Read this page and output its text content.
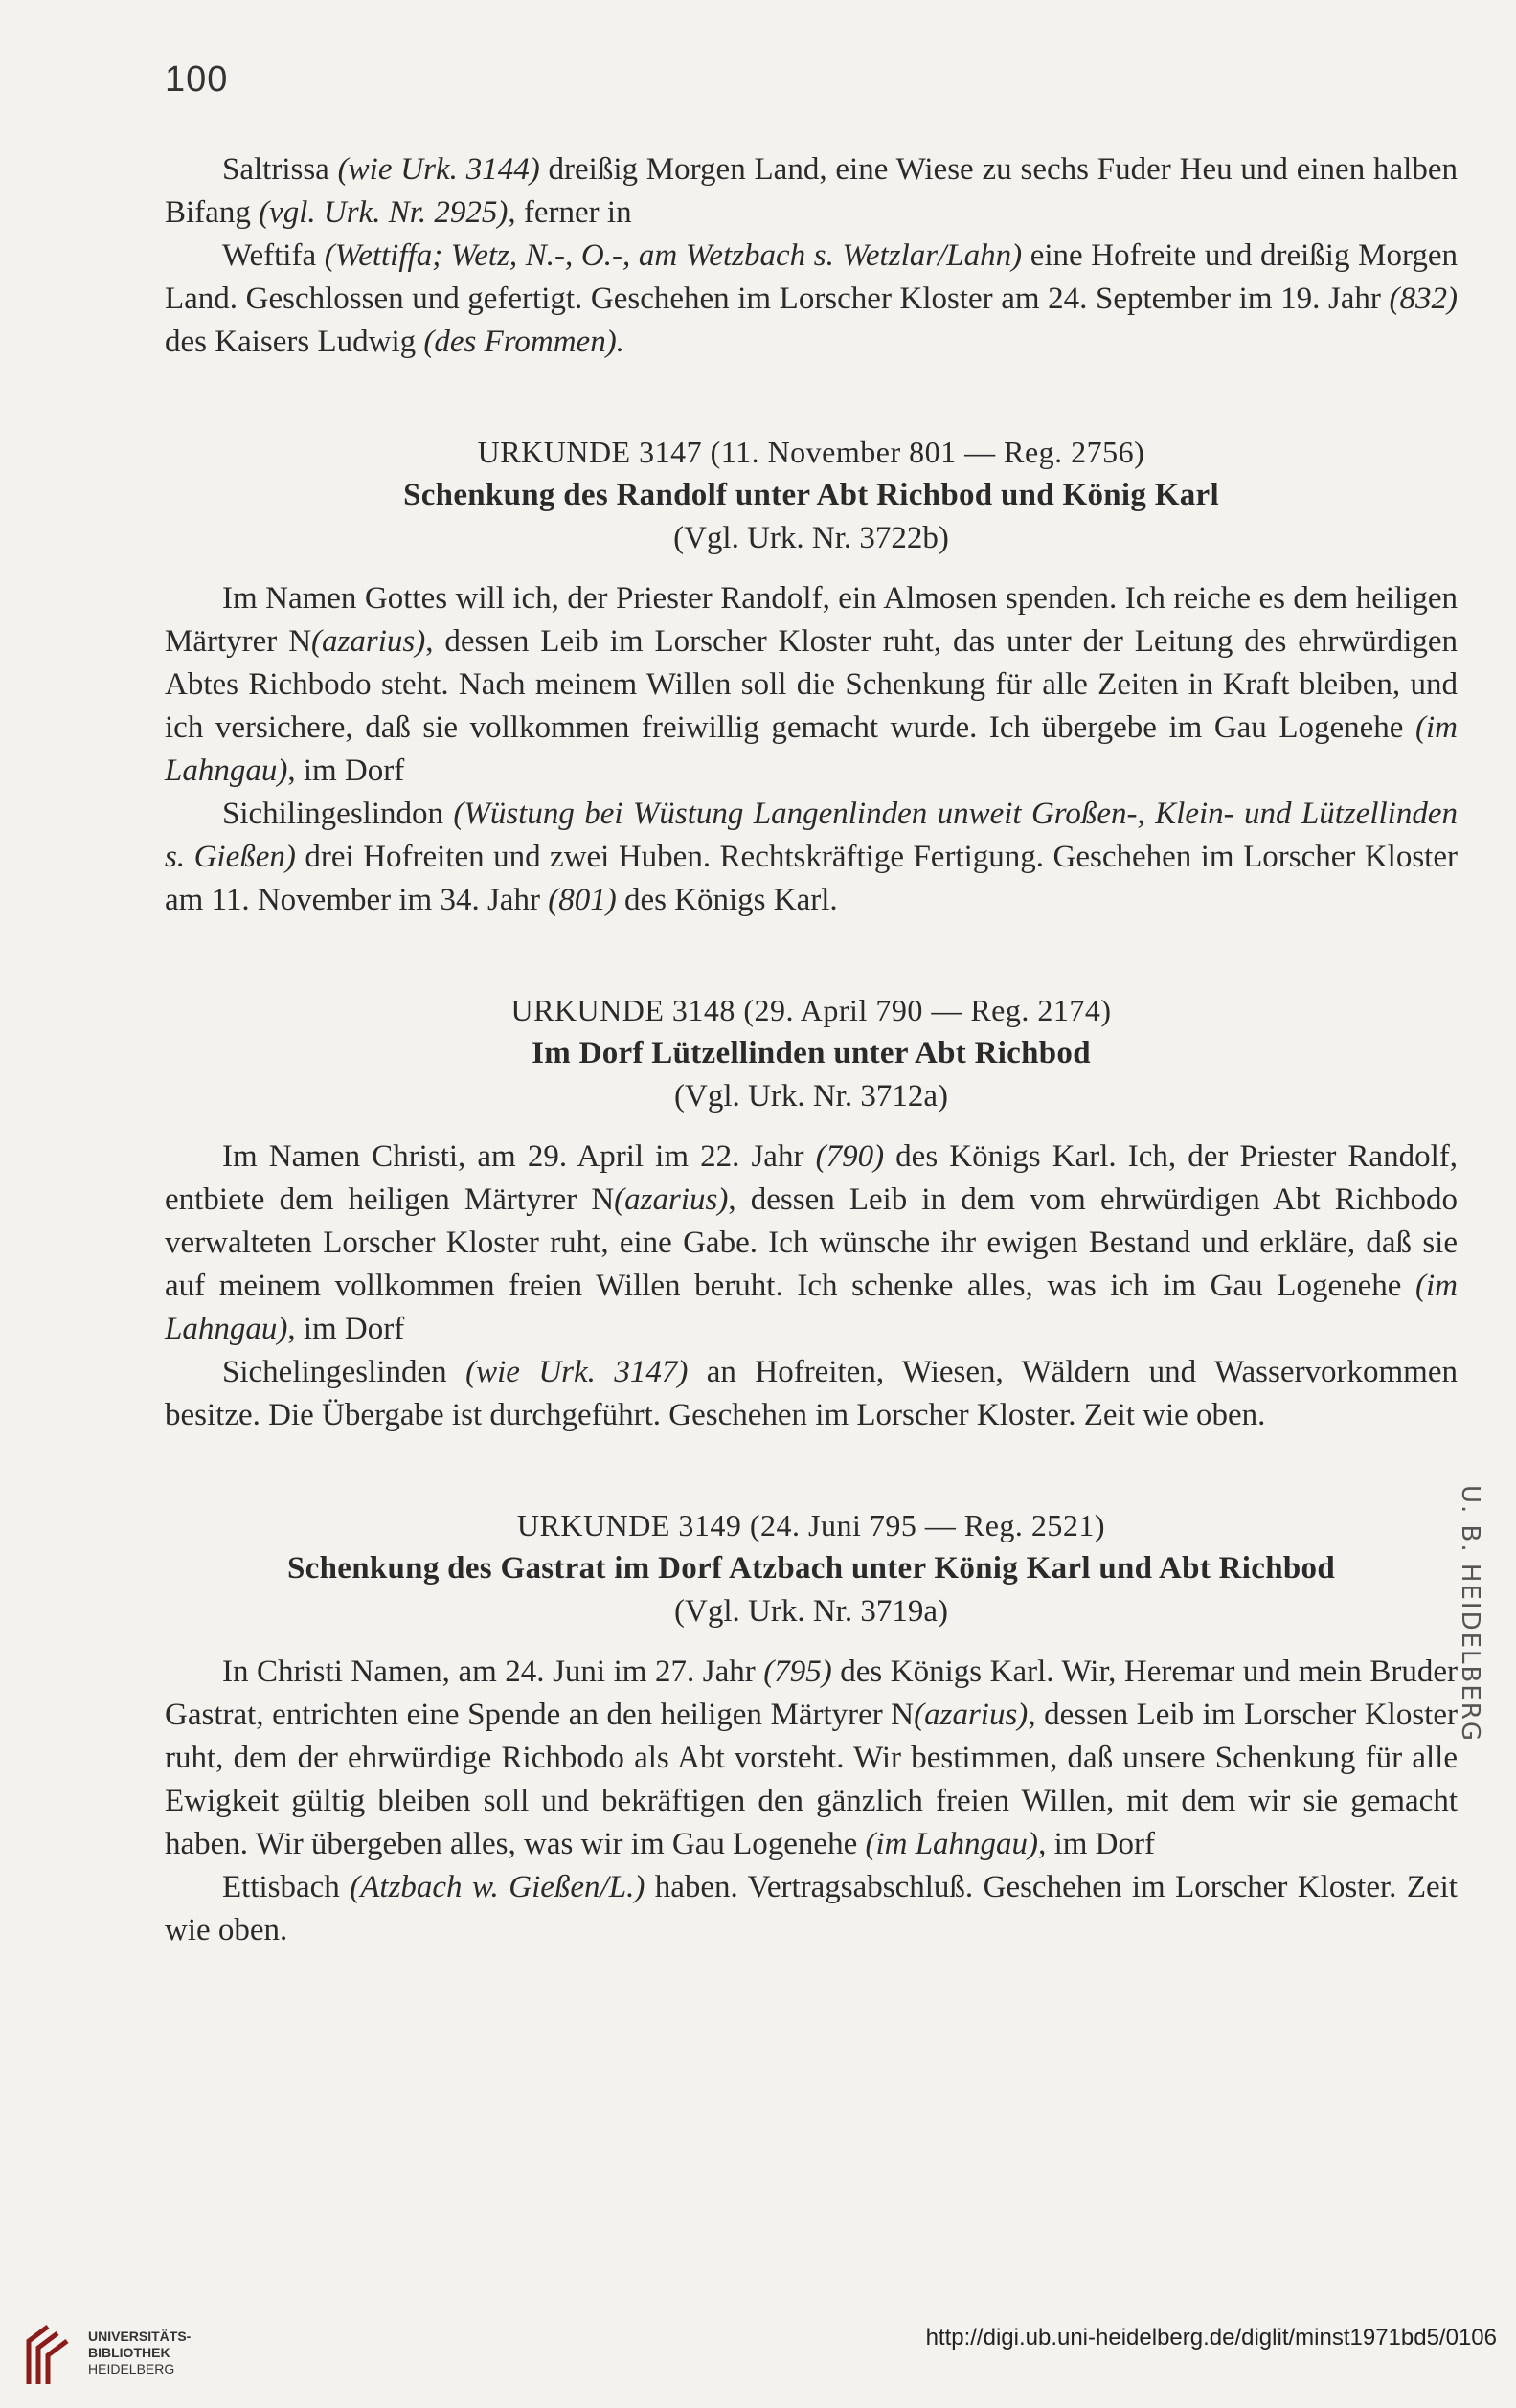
100

Saltrissa (wie Urk. 3144) dreißig Morgen Land, eine Wiese zu sechs Fuder Heu und einen halben Bifang (vgl. Urk. Nr. 2925), ferner in

Weftifa (Wettiffa; Wetz, N.-, O.-, am Wetzbach s. Wetzlar/Lahn) eine Hofreite und dreißig Morgen Land. Geschlossen und gefertigt. Geschehen im Lorscher Kloster am 24. September im 19. Jahr (832) des Kaisers Ludwig (des Frommen).

URKUNDE 3147 (11. November 801 — Reg. 2756)

Schenkung des Randolf unter Abt Richbod und König Karl

(Vgl. Urk. Nr. 3722b)

Im Namen Gottes will ich, der Priester Randolf, ein Almosen spenden. Ich reiche es dem heiligen Märtyrer N(azarius), dessen Leib im Lorscher Kloster ruht, das unter der Leitung des ehrwürdigen Abtes Richbodo steht. Nach meinem Willen soll die Schenkung für alle Zeiten in Kraft bleiben, und ich versichere, daß sie vollkommen freiwillig gemacht wurde. Ich übergebe im Gau Logenehe (im Lahngau), im Dorf

Sichilingeslindon (Wüstung bei Wüstung Langenlinden unweit Großen-, Klein- und Lützellinden s. Gießen) drei Hofreiten und zwei Huben. Rechtskräftige Fertigung. Geschehen im Lorscher Kloster am 11. November im 34. Jahr (801) des Königs Karl.

URKUNDE 3148 (29. April 790 — Reg. 2174)

Im Dorf Lützellinden unter Abt Richbod

(Vgl. Urk. Nr. 3712a)

Im Namen Christi, am 29. April im 22. Jahr (790) des Königs Karl. Ich, der Priester Randolf, entbiete dem heiligen Märtyrer N(azarius), dessen Leib in dem vom ehrwürdigen Abt Richbodo verwalteten Lorscher Kloster ruht, eine Gabe. Ich wünsche ihr ewigen Bestand und erkläre, daß sie auf meinem vollkommen freien Willen beruht. Ich schenke alles, was ich im Gau Logenehe (im Lahngau), im Dorf

Sichelingeslinden (wie Urk. 3147) an Hofreiten, Wiesen, Wäldern und Wasservorkommen besitze. Die Übergabe ist durchgeführt. Geschehen im Lorscher Kloster. Zeit wie oben.

URKUNDE 3149 (24. Juni 795 — Reg. 2521)

Schenkung des Gastrat im Dorf Atzbach unter König Karl und Abt Richbod

(Vgl. Urk. Nr. 3719a)

In Christi Namen, am 24. Juni im 27. Jahr (795) des Königs Karl. Wir, Heremar und mein Bruder Gastrat, entrichten eine Spende an den heiligen Märtyrer N(azarius), dessen Leib im Lorscher Kloster ruht, dem der ehrwürdige Richbodo als Abt vorsteht. Wir bestimmen, daß unsere Schenkung für alle Ewigkeit gültig bleiben soll und bekräftigen den gänzlich freien Willen, mit dem wir sie gemacht haben. Wir übergeben alles, was wir im Gau Logenehe (im Lahngau), im Dorf

Ettisbach (Atzbach w. Gießen/L.) haben. Vertragsabschluß. Geschehen im Lorscher Kloster. Zeit wie oben.

U. B. HEIDELBERG
UNIVERSITÄTS-
BIBLIOTHEK
HEIDELBERG
http://digi.ub.uni-heidelberg.de/diglit/minst1971bd5/0106
